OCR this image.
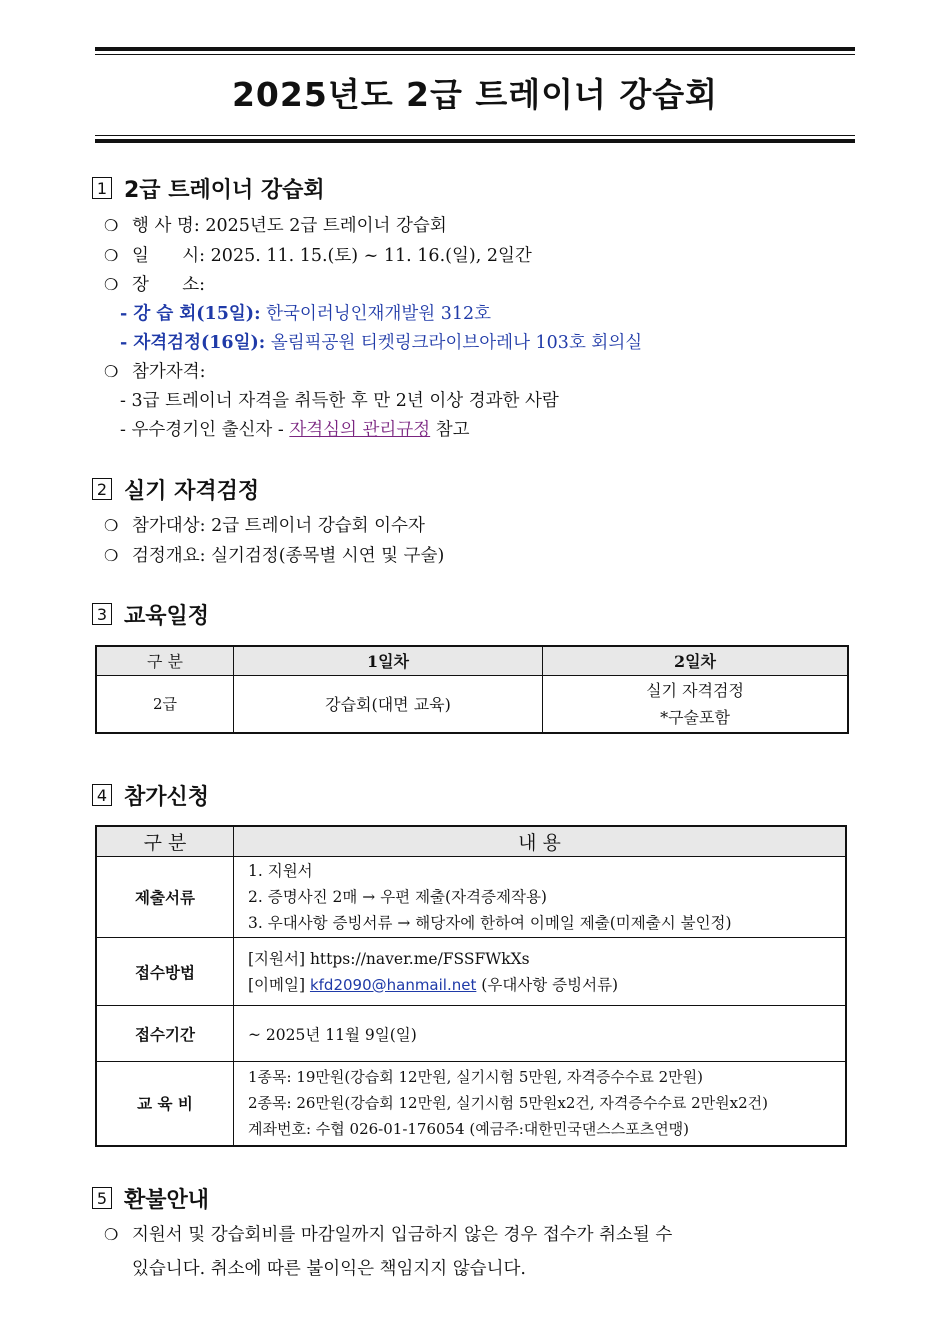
2025년도 2급 트레이너 강습회
1 2급 트레이너 강습회
❍ 행 사 명: 2025년도 2급 트레이너 강습회
❍ 일      시: 2025. 11. 15.(토) ~ 11. 16.(일), 2일간
❍ 장      소:
- 강 습 회(15일): 한국이러닝인재개발원 312호
- 자격검정(16일): 올림픽공원 티켓링크라이브아레나 103호 회의실
❍ 참가자격:
- 3급 트레이너 자격을 취득한 후 만 2년 이상 경과한 사람
- 우수경기인 출신자 - 자격심의 관리규정 참고
2 실기 자격검정
❍ 참가대상: 2급 트레이너 강습회 이수자
❍ 검정개요: 실기검정(종목별 시연 및 구술)
3 교육일정
구 분	1일차	2일차
2급	강습회(대면 교육)	실기 자격검정
*구술포함
4 참가신청
구 분	내 용
제출서류	1. 지원서
2. 증명사진 2매 → 우편 제출(자격증제작용)
3. 우대사항 증빙서류 → 해당자에 한하여 이메일 제출(미제출시 불인정)

접수방법	[지원서] https://naver.me/FSSFWkXs
[이메일] kfd2090@hanmail.net (우대사항 증빙서류)

접수기간	~ 2025년 11월 9일(일)
교 육 비	1종목: 19만원(강습회 12만원, 실기시험 5만원, 자격증수수료 2만원)
2종목: 26만원(강습회 12만원, 실기시험 5만원x2건, 자격증수수료 2만원x2건)
계좌번호: 수협 026-01-176054 (예금주:대한민국댄스스포츠연맹)
5 환불안내
❍ 지원서 및 강습회비를 마감일까지 입금하지 않은 경우 접수가 취소될 수
있습니다. 취소에 따른 불이익은 책임지지 않습니다.
